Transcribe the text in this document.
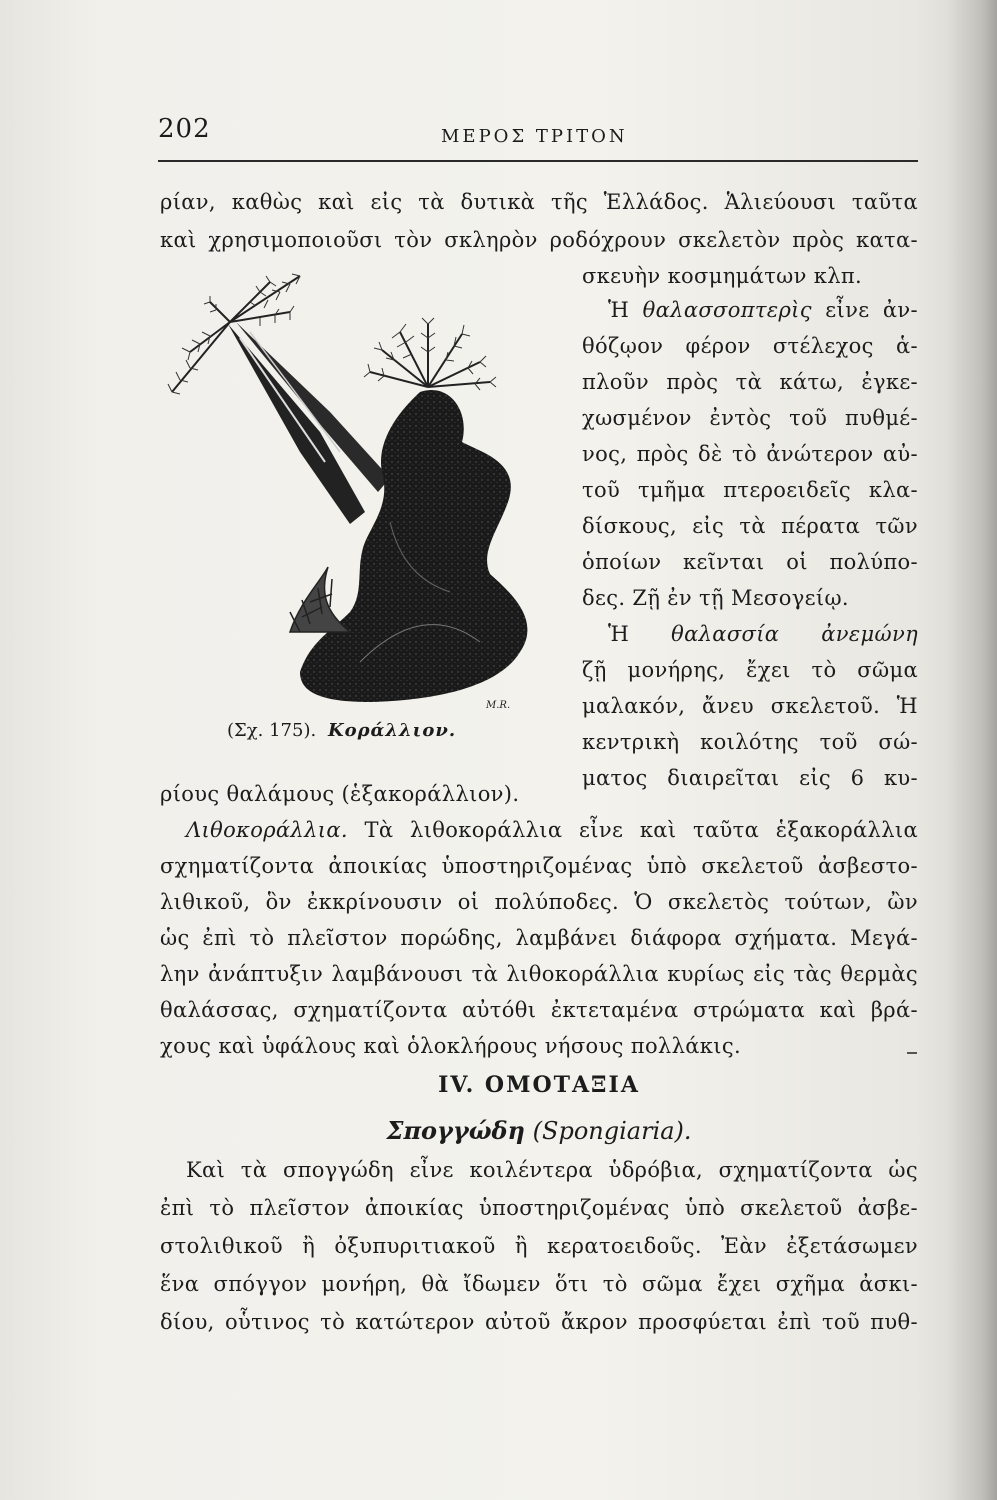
202	ΜΕΡΟΣ ΤΡΙΤΟΝ
ρίαν, καθὼς καὶ εἰς τὰ δυτικὰ τῆς Ἑλλάδος. Ἁλιεύουσι ταῦτα
καὶ χρησιμοποιοῦσι τὸν σκληρὸν ροδόχρουν σκελετὸν πρὸς κατα-
σκευὴν κοσμημάτων κλπ.
Ἡ θαλασσοπτερὶς εἶνε ἀν-
θόζῳον φέρον στέλεχος ἁ-
πλοῦν πρὸς τὰ κάτω, ἐγκε-
χωσμένον ἐντὸς τοῦ πυθμέ-
νος, πρὸς δὲ τὸ ἀνώτερον αὐ-
τοῦ τμῆμα πτεροειδεῖς κλα-
δίσκους, εἰς τὰ πέρατα τῶν
ὁποίων κεῖνται οἱ πολύπο-
δες. Ζῇ ἐν τῇ Μεσογείῳ.
Ἡ θαλασσία ἀνεμώνη
ζῇ μονήρης, ἔχει τὸ σῶμα
μαλακόν, ἄνευ σκελετοῦ. Ἡ
κεντρικὴ κοιλότης τοῦ σώ-
ματος διαιρεῖται εἰς 6 κυ-
M.R.
(Σχ. 175). Κοράλλιον.
ρίους θαλάμους (ἑξακοράλλιον).
Λιθοκοράλλια. Τὰ λιθοκοράλλια εἶνε καὶ ταῦτα ἑξακοράλλια
σχηματίζοντα ἀποικίας ὑποστηριζομένας ὑπὸ σκελετοῦ ἀσβεστο-
λιθικοῦ, ὃν ἐκκρίνουσιν οἱ πολύποδες. Ὁ σκελετὸς τούτων, ὢν
ὡς ἐπὶ τὸ πλεῖστον πορώδης, λαμβάνει διάφορα σχήματα. Μεγά-
λην ἀνάπτυξιν λαμβάνουσι τὰ λιθοκοράλλια κυρίως εἰς τὰς θερμὰς
θαλάσσας, σχηματίζοντα αὐτόθι ἐκτεταμένα στρώματα καὶ βρά-
χους καὶ ὑφάλους καὶ ὁλοκλήρους νήσους πολλάκις.
IV. ΟΜΟΤΑΞΙΑ
Σπογγώδη (Spongiaria).
Καὶ τὰ σπογγώδη εἶνε κοιλέντερα ὑδρόβια, σχηματίζοντα ὡς
ἐπὶ τὸ πλεῖστον ἀποικίας ὑποστηριζομένας ὑπὸ σκελετοῦ ἀσβε-
στολιθικοῦ ἢ ὀξυπυριτιακοῦ ἢ κερατοειδοῦς. Ἐὰν ἐξετάσωμεν
ἕνα σπόγγον μονήρη, θὰ ἴδωμεν ὅτι τὸ σῶμα ἔχει σχῆμα ἀσκι-
δίου, οὗτινος τὸ κατώτερον αὐτοῦ ἄκρον προσφύεται ἐπὶ τοῦ πυθ-
